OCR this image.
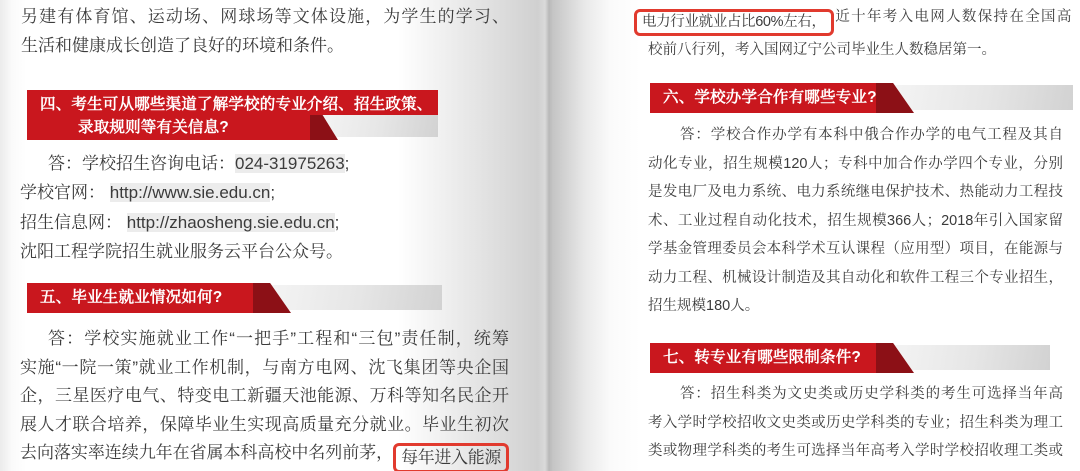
另建有体育馆、运动场、网球场等文体设施，为学生的学习、
生活和健康成长创造了良好的环境和条件。
四、考生可从哪些渠道了解学校的专业介绍、招生政策、
录取规则等有关信息?
答：学校招生咨询电话：024-31975263;
学校官网： http://www.sie.edu.cn;
招生信息网： http://zhaosheng.sie.edu.cn;
沈阳工程学院招生就业服务云平台公众号。
五、毕业生就业情况如何?
答：学校实施就业工作“一把手”工程和“三包”责任制，统筹
实施“一院一策”就业工作机制，与南方电网、沈飞集团等央企国
企，三星医疗电气、特变电工新疆天池能源、万科等知名民企开
展人才联合培养，保障毕业生实现高质量充分就业。毕业生初次
去向落实率连续九年在省属本科高校中名列前茅， 每年进入能源
电力行业就业占比60%左右， 近十年考入电网人数保持在全国高
校前八行列，考入国网辽宁公司毕业生人数稳居第一。
六、学校办学合作有哪些专业?
答：学校合作办学有本科中俄合作办学的电气工程及其自
动化专业，招生规模120人；专科中加合作办学四个专业，分别
是发电厂及电力系统、电力系统继电保护技术、热能动力工程技
术、工业过程自动化技术，招生规模366人；2018年引入国家留
学基金管理委员会本科学术互认课程（应用型）项目，在能源与
动力工程、机械设计制造及其自动化和软件工程三个专业招生，
招生规模180人。
七、转专业有哪些限制条件?
答：招生科类为文史类或历史学科类的考生可选择当年高
考入学时学校招收文史类或历史学科类的专业；招生科类为理工
类或物理学科类的考生可选择当年高考入学时学校招收理工类或
